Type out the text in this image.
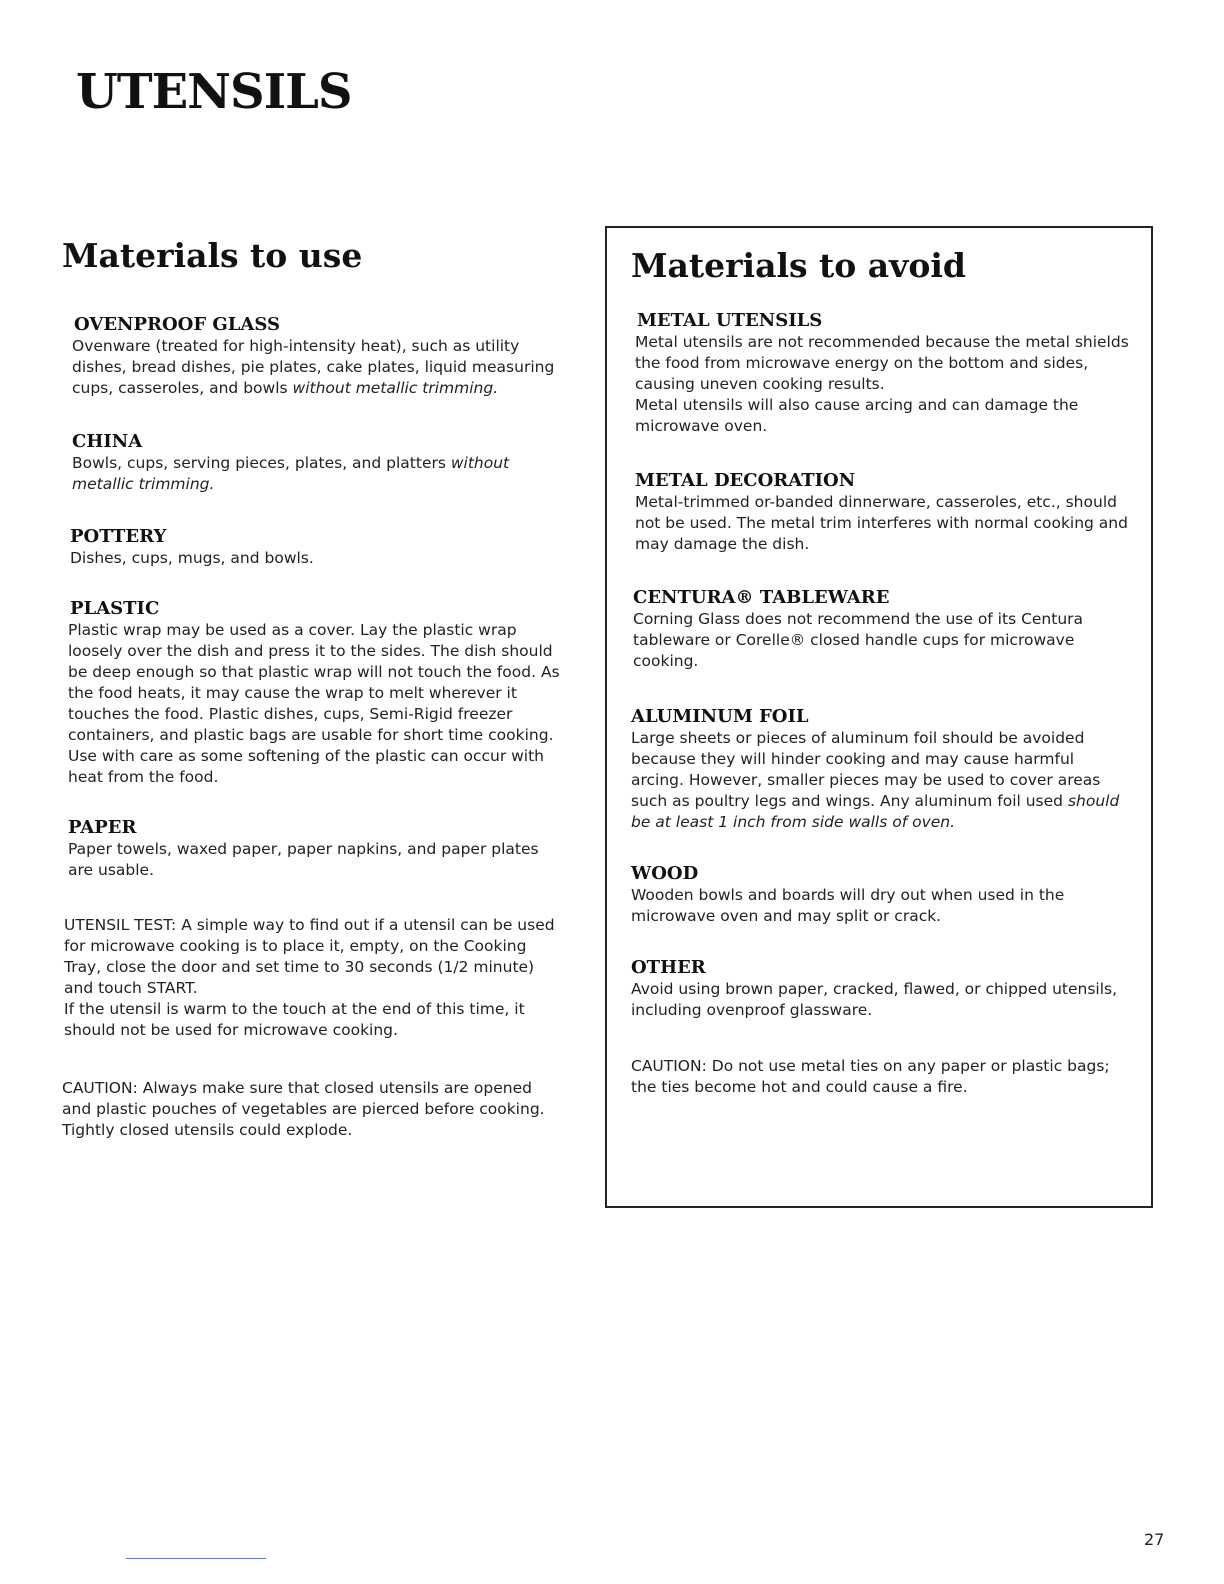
UTENSILS
Materials to use
OVENPROOF GLASS

Ovenware (treated for high-intensity heat), such as utility dishes, bread dishes, pie plates, cake plates, liquid measuring cups, casseroles, and bowls without metallic trimming.

CHINA

Bowls, cups, serving pieces, plates, and platters without metallic trimming.

POTTERY

Dishes, cups, mugs, and bowls.

PLASTIC

Plastic wrap may be used as a cover. Lay the plastic wrap loosely over the dish and press it to the sides. The dish should be deep enough so that plastic wrap will not touch the food. As the food heats, it may cause the wrap to melt wherever it touches the food. Plastic dishes, cups, Semi-Rigid freezer containers, and plastic bags are usable for short time cooking. Use with care as some softening of the plastic can occur with heat from the food.

PAPER

Paper towels, waxed paper, paper napkins, and paper plates are usable.

UTENSIL TEST: A simple way to find out if a utensil can be used for microwave cooking is to place it, empty, on the Cooking Tray, close the door and set time to 30 seconds (1/2 minute) and touch START.

If the utensil is warm to the touch at the end of this time, it should not be used for microwave cooking.

CAUTION: Always make sure that closed utensils are opened and plastic pouches of vegetables are pierced before cooking. Tightly closed utensils could explode.

Materials to avoid
METAL UTENSILS

Metal utensils are not recommended because the metal shields the food from microwave energy on the bottom and sides, causing uneven cooking results.

Metal utensils will also cause arcing and can damage the microwave oven.

METAL DECORATION

Metal-trimmed or-banded dinnerware, casseroles, etc., should not be used. The metal trim interferes with normal cooking and may damage the dish.

CENTURA® TABLEWARE

Corning Glass does not recommend the use of its Centura tableware or Corelle® closed handle cups for microwave cooking.

ALUMINUM FOIL

Large sheets or pieces of aluminum foil should be avoided because they will hinder cooking and may cause harmful arcing. However, smaller pieces may be used to cover areas such as poultry legs and wings. Any aluminum foil used should be at least 1 inch from side walls of oven.

WOOD

Wooden bowls and boards will dry out when used in the microwave oven and may split or crack.

OTHER

Avoid using brown paper, cracked, flawed, or chipped utensils, including ovenproof glassware.

CAUTION: Do not use metal ties on any paper or plastic bags; the ties become hot and could cause a fire.

27
